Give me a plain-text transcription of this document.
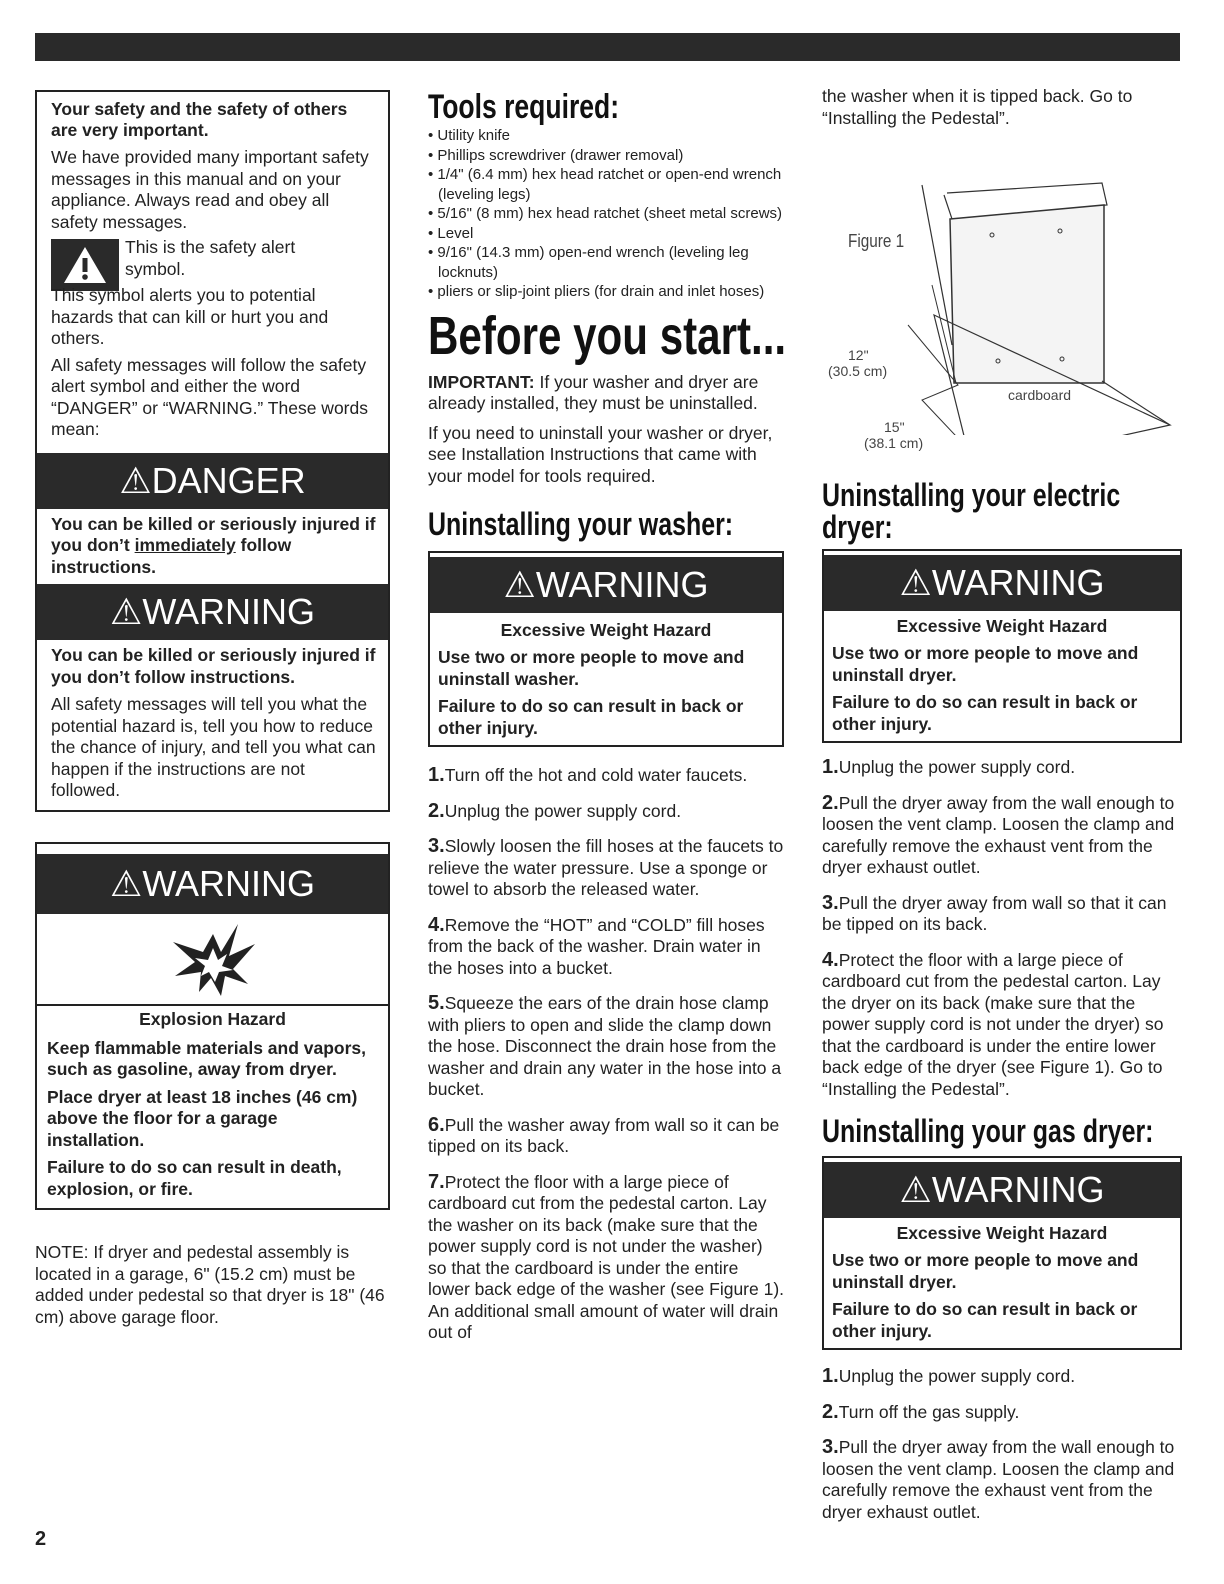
Your safety and the safety of others are very important.

We have provided many important safety messages in this manual and on your appliance. Always read and obey all safety messages.

This is the safety alert symbol.

This symbol alerts you to potential hazards that can kill or hurt you and others.

All safety messages will follow the safety alert symbol and either the word “DANGER” or “WARNING.” These words mean:

⚠DANGER

You can be killed or seriously injured if you don’t immediately follow instructions.

⚠WARNING

You can be killed or seriously injured if you don’t follow instructions.

All safety messages will tell you what the potential hazard is, tell you how to reduce the chance of injury, and tell you what can happen if the instructions are not followed.

⚠WARNING

Explosion Hazard

Keep flammable materials and vapors, such as gasoline, away from dryer.

Place dryer at least 18 inches (46 cm) above the floor for a garage installation.

Failure to do so can result in death, explosion, or fire.

NOTE: If dryer and pedestal assembly is located in a garage, 6" (15.2 cm) must be added under pedestal so that dryer is 18" (46 cm) above garage floor.

2
Tools required:
• Utility knife
• Phillips screwdriver (drawer removal)
• 1/4" (6.4 mm) hex head ratchet or open-end wrench (leveling legs)
• 5/16" (8 mm) hex head ratchet (sheet metal screws)
• Level
• 9/16" (14.3 mm) open-end wrench (leveling leg locknuts)
• pliers or slip-joint pliers (for drain and inlet hoses)
Before you start...

IMPORTANT: If your washer and dryer are already installed, they must be uninstalled.

If you need to uninstall your washer or dryer, see Installation Instructions that came with your model for tools required.

Uninstalling your washer:
⚠WARNING

Excessive Weight Hazard

Use two or more people to move and uninstall washer.

Failure to do so can result in back or other injury.

1.Turn off the hot and cold water faucets.

2.Unplug the power supply cord.

3.Slowly loosen the fill hoses at the faucets to relieve the water pressure. Use a sponge or towel to absorb the released water.

4.Remove the “HOT” and “COLD” fill hoses from the back of the washer. Drain water in the hoses into a bucket.

5.Squeeze the ears of the drain hose clamp with pliers to open and slide the clamp down the hose. Disconnect the drain hose from the washer and drain any water in the hose into a bucket.

6.Pull the washer away from wall so it can be tipped on its back.

7.Protect the floor with a large piece of cardboard cut from the pedestal carton. Lay the washer on its back (make sure that the power supply cord is not under the washer) so that the cardboard is under the entire lower back edge of the washer (see Figure 1). An additional small amount of water will drain out of

the washer when it is tipped back. Go to “Installing the Pedestal”.

Figure 1
12"
(30.5 cm)
15"
(38.1 cm)
cardboard
Uninstalling your electric
dryer:
⚠WARNING

Excessive Weight Hazard

Use two or more people to move and uninstall dryer.

Failure to do so can result in back or other injury.

1.Unplug the power supply cord.

2.Pull the dryer away from the wall enough to loosen the vent clamp. Loosen the clamp and carefully remove the exhaust vent from the dryer exhaust outlet.

3.Pull the dryer away from wall so that it can be tipped on its back.

4.Protect the floor with a large piece of cardboard cut from the pedestal carton. Lay the dryer on its back (make sure that the power supply cord is not under the dryer) so that the cardboard is under the entire lower back edge of the dryer (see Figure 1). Go to “Installing the Pedestal”.

Uninstalling your gas dryer:
⚠WARNING

Excessive Weight Hazard

Use two or more people to move and uninstall dryer.

Failure to do so can result in back or other injury.

1.Unplug the power supply cord.

2.Turn off the gas supply.

3.Pull the dryer away from the wall enough to loosen the vent clamp. Loosen the clamp and carefully remove the exhaust vent from the dryer exhaust outlet.
